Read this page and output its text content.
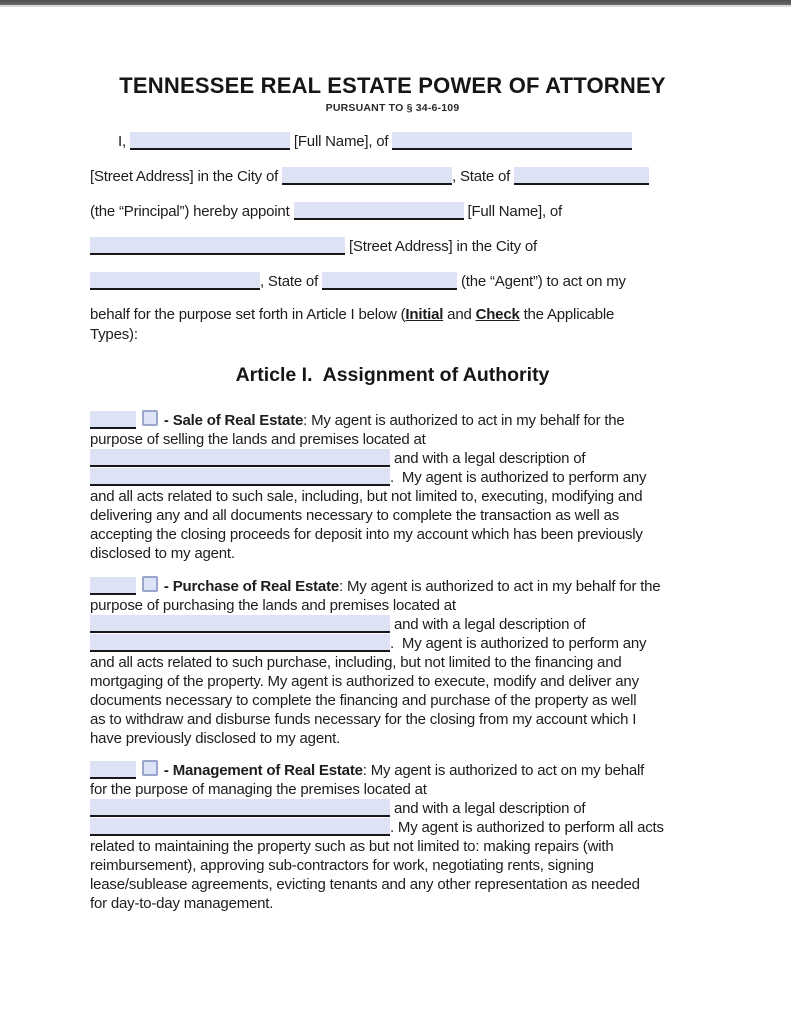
TENNESSEE REAL ESTATE POWER OF ATTORNEY
PURSUANT TO § 34-6-109
I,	[Full Name], of
[Street Address] in the City of	, State of
(the “Principal”) hereby appoint	[Full Name], of
[Street Address] in the City of
, State of	(the “Agent”) to act on my
behalf for the purpose set forth in Article I below (Initial and Check the Applicable
Types):
Article I.  Assignment of Authority
- Sale of Real Estate: My agent is authorized to act in my behalf for the
purpose of selling the lands and premises located at
and with a legal description of
.  My agent is authorized to perform any
and all acts related to such sale, including, but not limited to, executing, modifying and
delivering any and all documents necessary to complete the transaction as well as
accepting the closing proceeds for deposit into my account which has been previously
disclosed to my agent.
- Purchase of Real Estate: My agent is authorized to act in my behalf for the
purpose of purchasing the lands and premises located at
and with a legal description of
.  My agent is authorized to perform any
and all acts related to such purchase, including, but not limited to the financing and
mortgaging of the property. My agent is authorized to execute, modify and deliver any
documents necessary to complete the financing and purchase of the property as well
as to withdraw and disburse funds necessary for the closing from my account which I
have previously disclosed to my agent.
- Management of Real Estate: My agent is authorized to act on my behalf
for the purpose of managing the premises located at
and with a legal description of
. My agent is authorized to perform all acts
related to maintaining the property such as but not limited to: making repairs (with
reimbursement), approving sub-contractors for work, negotiating rents, signing
lease/sublease agreements, evicting tenants and any other representation as needed
for day-to-day management.
